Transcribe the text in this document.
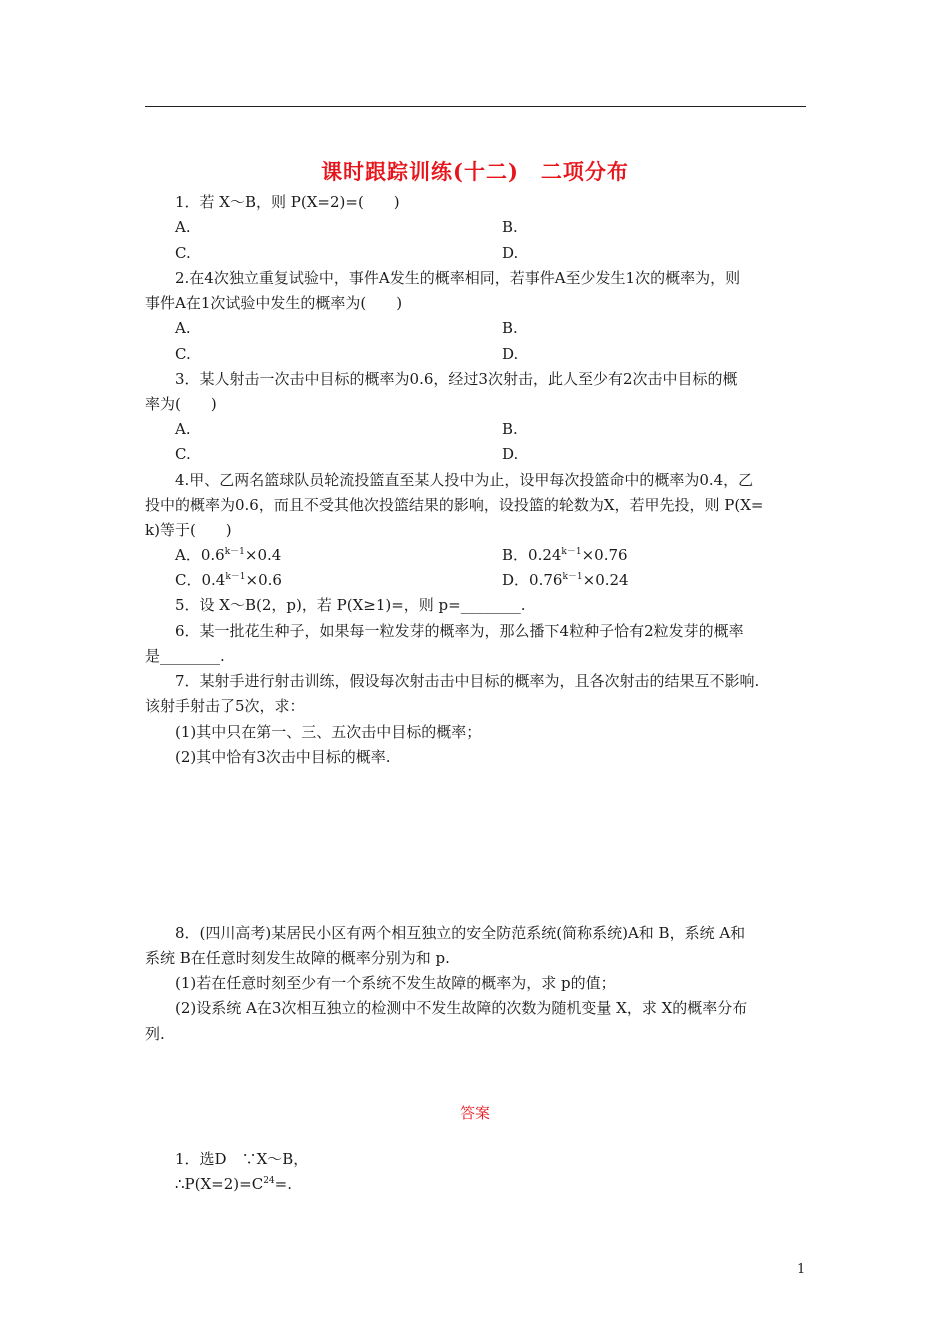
课时跟踪训练(十二)　二项分布
1．若 X～B，则 P(X=2)=(　　)
A.	B.
C.	D.
2.在4次独立重复试验中，事件A发生的概率相同，若事件A至少发生1次的概率为，则
事件A在1次试验中发生的概率为(　　)
A.	B.
C.	D.
3．某人射击一次击中目标的概率为0.6，经过3次射击，此人至少有2次击中目标的概
率为(　　)
A.	B.
C.	D.
4.甲、乙两名篮球队员轮流投篮直至某人投中为止，设甲每次投篮命中的概率为0.4，乙
投中的概率为0.6，而且不受其他次投篮结果的影响，设投篮的轮数为X，若甲先投，则 P(X=
k)等于(　　)
A．$0.6^{k-1}\times 0.4$	B．$0.24^{k-1}\times 0.76$
C．$0.4^{k-1}\times 0.6$	D．$0.76^{k-1}\times 0.24$
5．设 X～B(2，p)，若 P(X≥1)=，则 p=________.
6．某一批花生种子，如果每一粒发芽的概率为，那么播下4粒种子恰有2粒发芽的概率
是________.
7．某射手进行射击训练，假设每次射击击中目标的概率为，且各次射击的结果互不影响.
该射手射击了5次，求：
(1)其中只在第一、三、五次击中目标的概率；
(2)其中恰有3次击中目标的概率.
8．(四川高考)某居民小区有两个相互独立的安全防范系统(简称系统)A和 B，系统 A和
系统 B在任意时刻发生故障的概率分别为和 p.
(1)若在任意时刻至少有一个系统不发生故障的概率为，求 p的值；
(2)设系统 A在3次相互独立的检测中不发生故障的次数为随机变量 X，求 X的概率分布
列.
答案
1．选D　∵X～B，
$\therefore P(X=2)=C^{24}=$.
1
